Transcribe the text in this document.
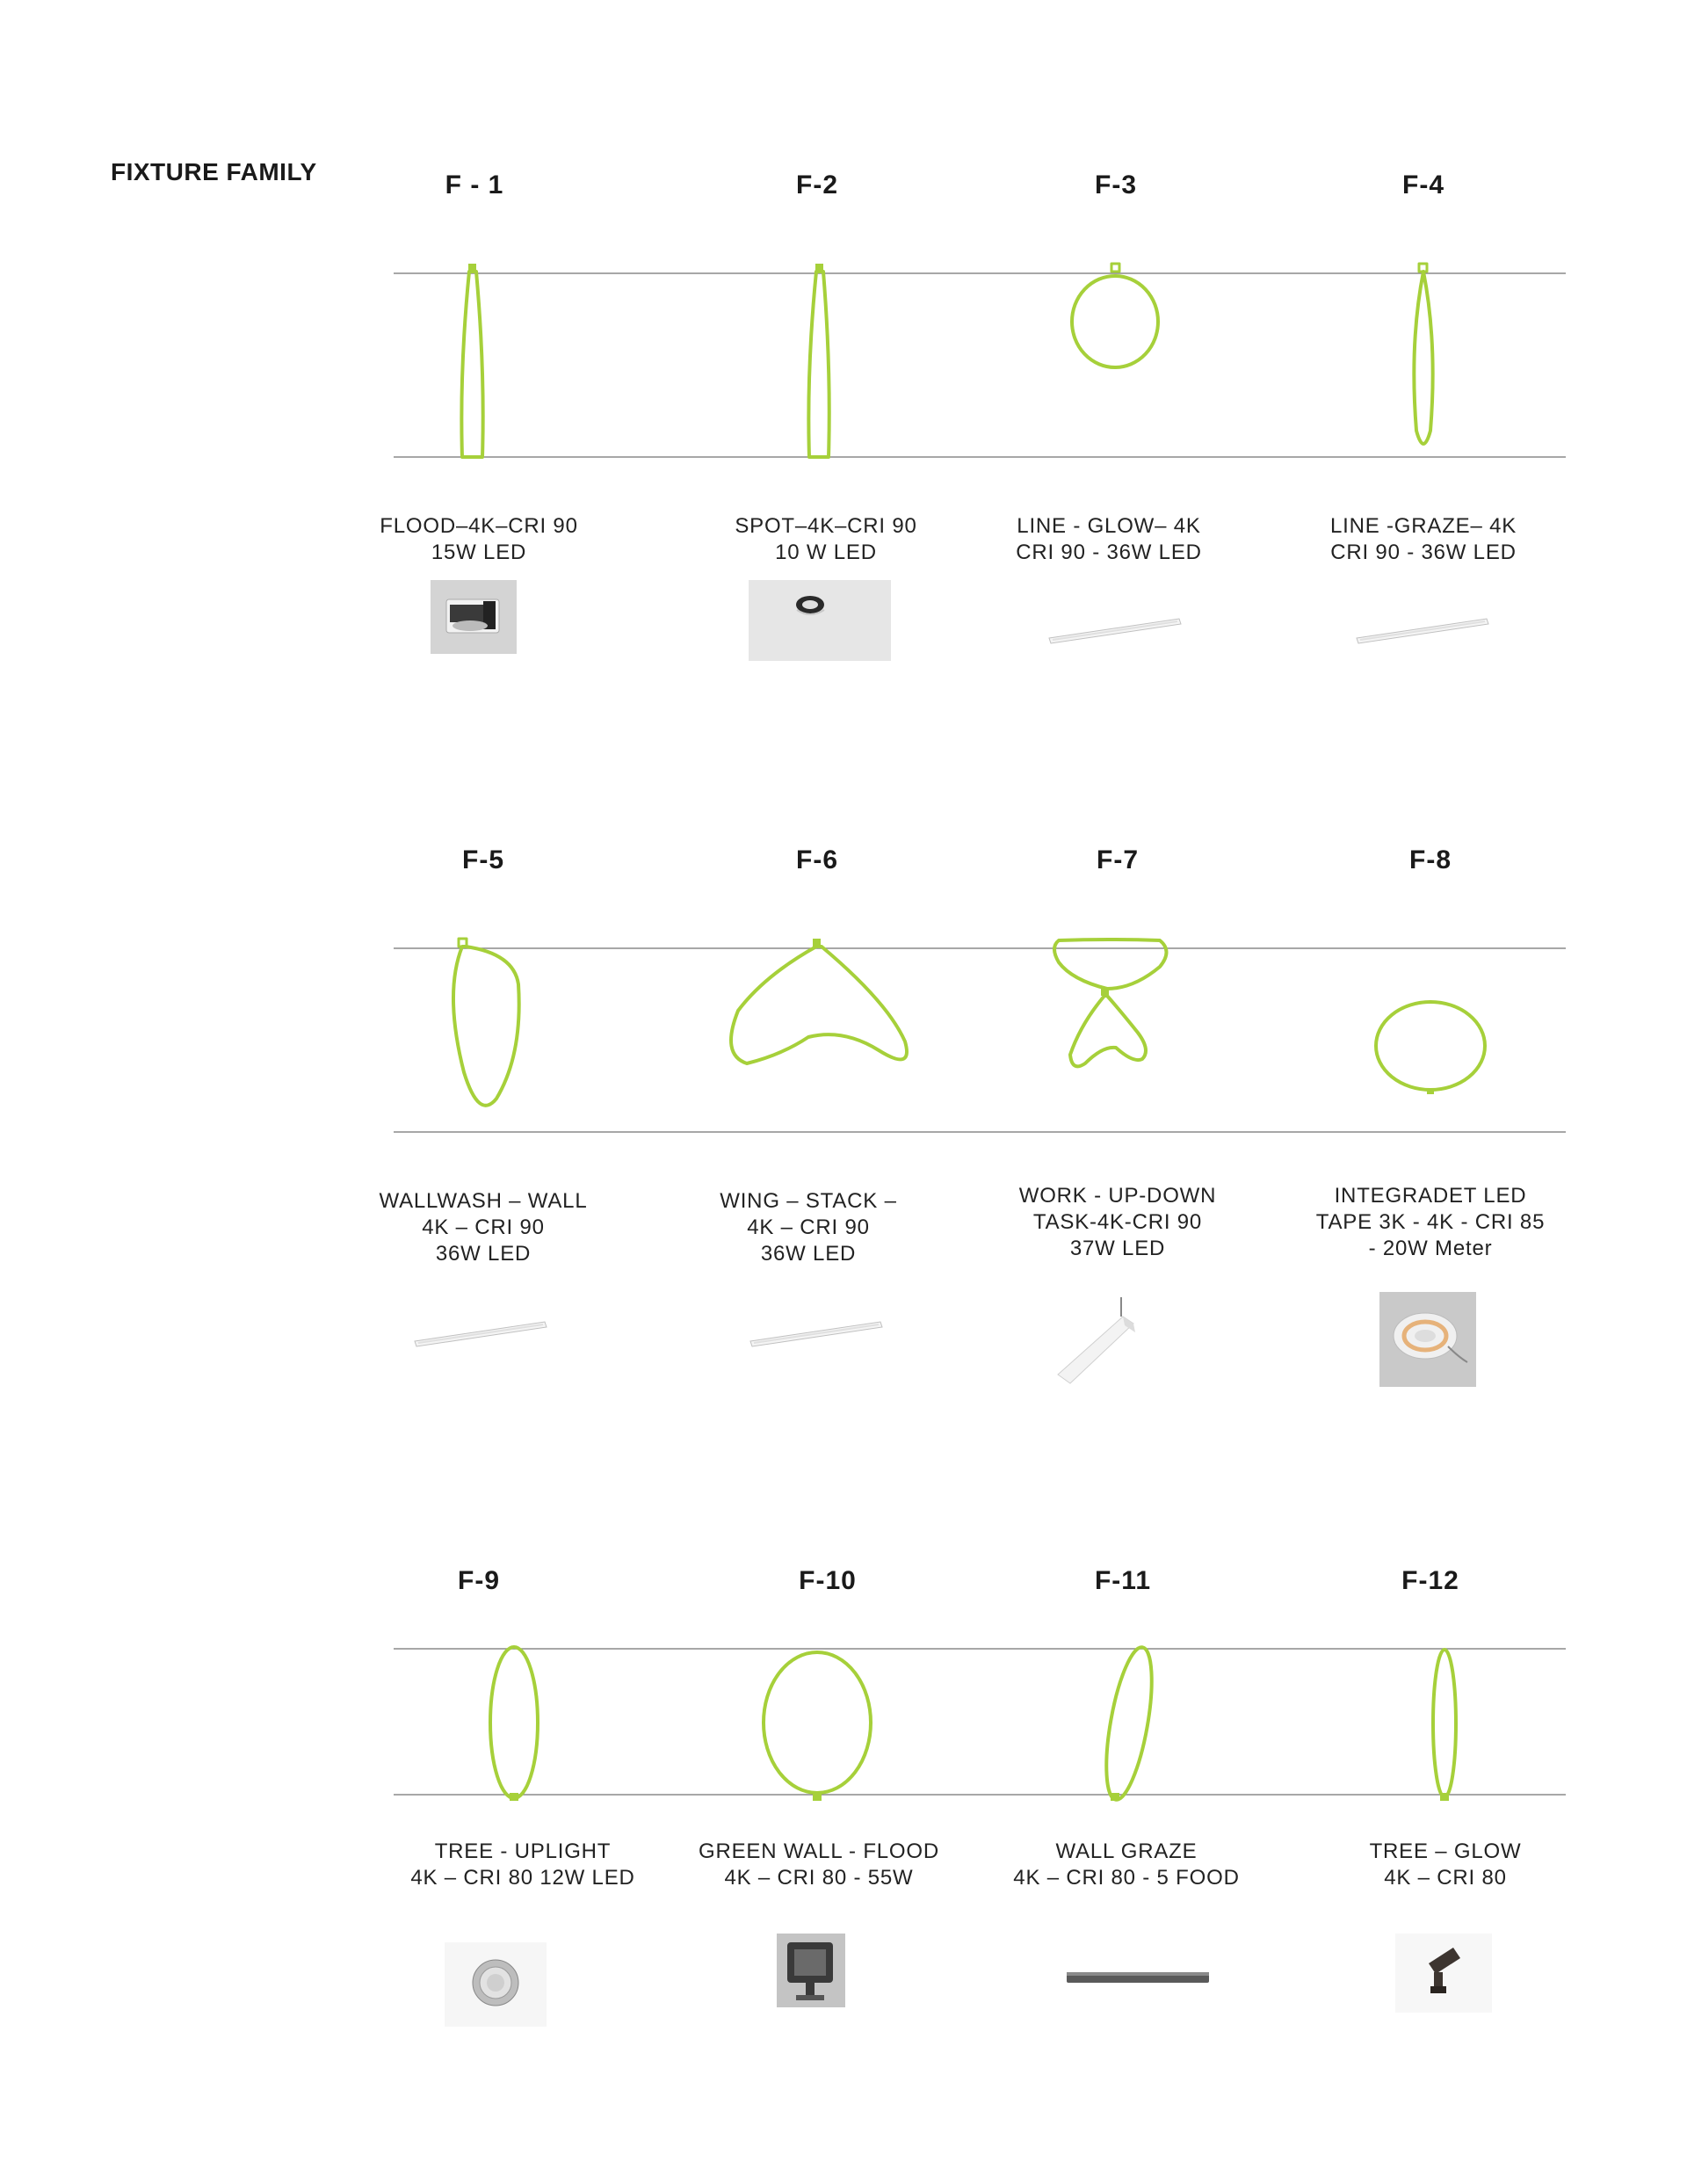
FIXTURE FAMILY	F - 1	F-2	F-3	F-4
FLOOD–4K–CRI 90
15W LED
SPOT–4K–CRI 90
10 W LED
LINE - GLOW– 4K
CRI 90 - 36W LED
LINE -GRAZE– 4K
CRI 90 - 36W LED
F-5	F-6	F-7	F-8
WALLWASH – WALL
4K – CRI 90
36W LED
WING – STACK –
4K – CRI 90
36W LED
WORK - UP-DOWN
TASK-4K-CRI 90
37W LED
INTEGRADET LED
TAPE 3K - 4K - CRI 85
- 20W Meter
F-9	F-10	F-11	F-12
TREE - UPLIGHT
4K – CRI 80 12W LED
GREEN WALL - FLOOD
4K – CRI 80 - 55W
WALL GRAZE
4K – CRI 80 - 5 FOOD
TREE – GLOW
4K – CRI 80
